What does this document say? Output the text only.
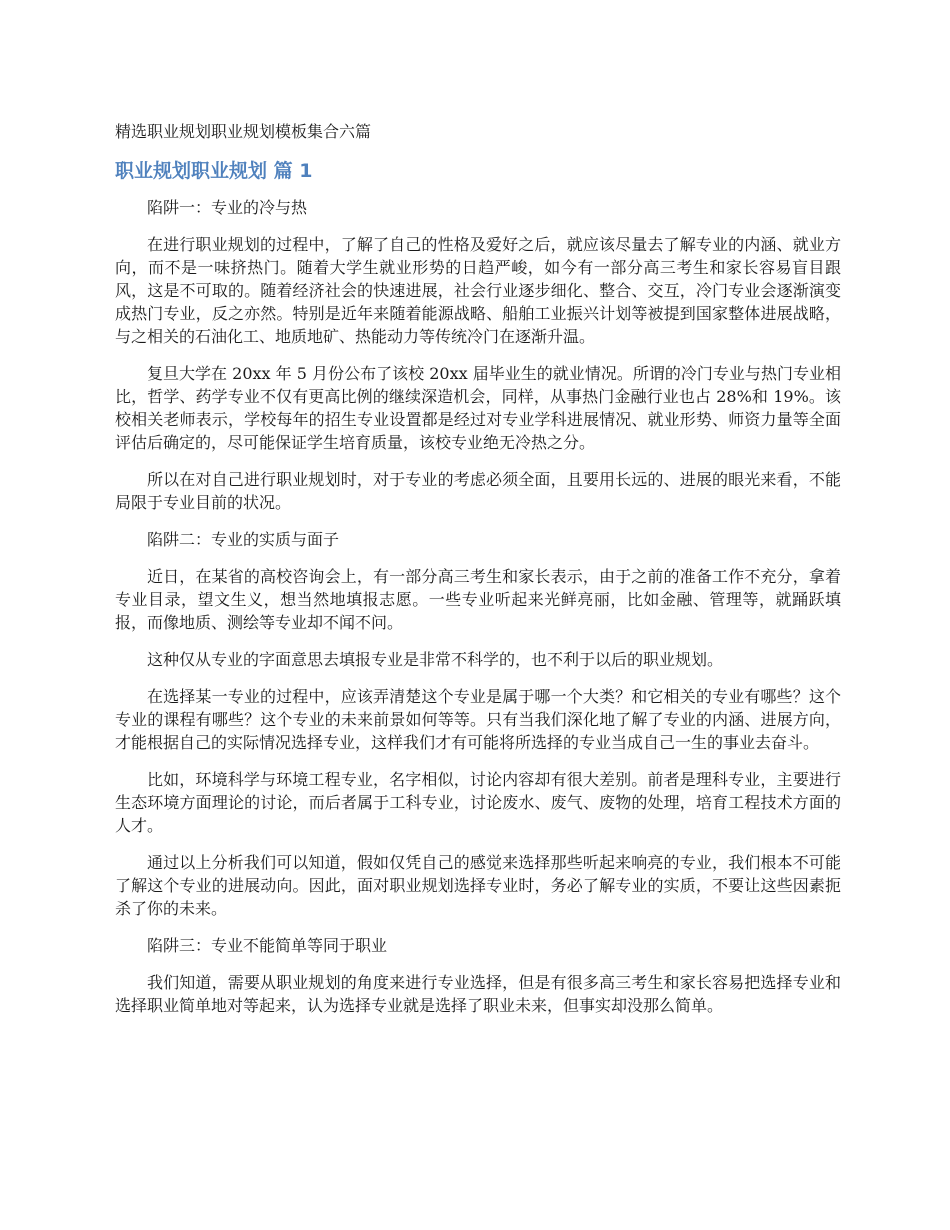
精选职业规划职业规划模板集合六篇
职业规划职业规划 篇 1

陷阱一：专业的冷与热

在进行职业规划的过程中，了解了自己的性格及爱好之后，就应该尽量去了解专业的内涵、就业方向，而不是一味挤热门。随着大学生就业形势的日趋严峻，如今有一部分高三考生和家长容易盲目跟风，这是不可取的。随着经济社会的快速进展，社会行业逐步细化、整合、交互，冷门专业会逐渐演变成热门专业，反之亦然。特别是近年来随着能源战略、船舶工业振兴计划等被提到国家整体进展战略，与之相关的石油化工、地质地矿、热能动力等传统冷门在逐渐升温。

复旦大学在 20xx 年 5 月份公布了该校 20xx 届毕业生的就业情况。所谓的冷门专业与热门专业相比，哲学、药学专业不仅有更高比例的继续深造机会，同样，从事热门金融行业也占 28%和 19%。该校相关老师表示，学校每年的招生专业设置都是经过对专业学科进展情况、就业形势、师资力量等全面评估后确定的，尽可能保证学生培育质量，该校专业绝无冷热之分。

所以在对自己进行职业规划时，对于专业的考虑必须全面，且要用长远的、进展的眼光来看，不能局限于专业目前的状况。

陷阱二：专业的实质与面子

近日，在某省的高校咨询会上，有一部分高三考生和家长表示，由于之前的准备工作不充分，拿着专业目录，望文生义，想当然地填报志愿。一些专业听起来光鲜亮丽，比如金融、管理等，就踊跃填报，而像地质、测绘等专业却不闻不问。

这种仅从专业的字面意思去填报专业是非常不科学的，也不利于以后的职业规划。

在选择某一专业的过程中，应该弄清楚这个专业是属于哪一个大类？和它相关的专业有哪些？这个专业的课程有哪些？这个专业的未来前景如何等等。只有当我们深化地了解了专业的内涵、进展方向，才能根据自己的实际情况选择专业，这样我们才有可能将所选择的专业当成自己一生的事业去奋斗。

比如，环境科学与环境工程专业，名字相似，讨论内容却有很大差别。前者是理科专业，主要进行生态环境方面理论的讨论，而后者属于工科专业，讨论废水、废气、废物的处理，培育工程技术方面的人才。

通过以上分析我们可以知道，假如仅凭自己的感觉来选择那些听起来响亮的专业，我们根本不可能了解这个专业的进展动向。因此，面对职业规划选择专业时，务必了解专业的实质，不要让这些因素扼杀了你的未来。

陷阱三：专业不能简单等同于职业

我们知道，需要从职业规划的角度来进行专业选择，但是有很多高三考生和家长容易把选择专业和选择职业简单地对等起来，认为选择专业就是选择了职业未来，但事实却没那么简单。
